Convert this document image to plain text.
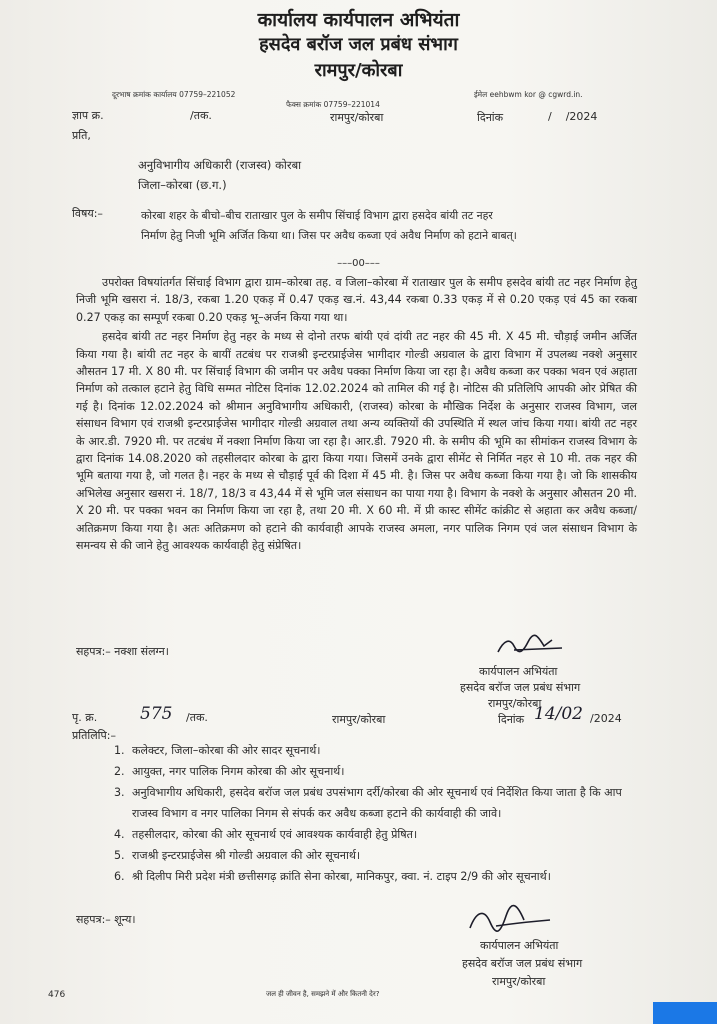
कार्यालय कार्यपालन अभियंता
हसदेव बरॉज जल प्रबंध संभाग
रामपुर/कोरबा
दूरभाष क्रमांक कार्यालय 07759–221052
फैक्स क्रमांक 07759–221014
ईमेल eehbwm kor @ cgwrd.in.
ज्ञाप क्र.	/तक.	रामपुर/कोरबा	दिनांक	/    /2024
प्रति,
अनुविभागीय अधिकारी (राजस्व) कोरबा
जिला–कोरबा (छ.ग.)
विषय:–	कोरबा शहर के बीचो–बीच राताखार पुल के समीप सिंचाई विभाग द्वारा हसदेव बांयी तट नहर
निर्माण हेतु निजी भूमि अर्जित किया था। जिस पर अवैध कब्जा एवं अवैध निर्माण को हटाने बाबत्।
–––00–––

उपरोक्त विषयांतर्गत सिंचाई विभाग द्वारा ग्राम–कोरबा तह. व जिला–कोरबा में राताखार पुल के समीप हसदेव बांयी तट नहर निर्माण हेतु निजी भूमि खसरा नं. 18/3, रकबा 1.20 एकड़ में 0.47 एकड़ ख.नं. 43,44 रकबा 0.33 एकड़ में से 0.20 एकड़ एवं 45 का रकबा 0.27 एकड़ का सम्पूर्ण रकबा 0.20 एकड़ भू–अर्जन किया गया था।

हसदेव बांयी तट नहर निर्माण हेतु नहर के मध्य से दोनो तरफ बांयी एवं दांयी तट नहर की 45 मी. X 45 मी. चौड़ाई जमीन अर्जित किया गया है। बांयी तट नहर के बायीं तटबंध पर राजश्री इन्टरप्राईजेस भागीदार गोल्डी अग्रवाल के द्वारा विभाग में उपलब्ध नक्शे अनुसार औसतन 17 मी. X 80 मी. पर सिंचाई विभाग की जमीन पर अवैध पक्का निर्माण किया जा रहा है। अवैध कब्जा कर पक्का भवन एवं अहाता निर्माण को तत्काल हटाने हेतु विधि सम्मत नोटिस दिनांक 12.02.2024 को तामिल की गई है। नोटिस की प्रतिलिपि आपकी ओर प्रेषित की गई है। दिनांक 12.02.2024 को श्रीमान अनुविभागीय अधिकारी, (राजस्व) कोरबा के मौखिक निर्देश के अनुसार राजस्व विभाग, जल संसाधन विभाग एवं राजश्री इन्टरप्राईजेस भागीदार गोल्डी अग्रवाल तथा अन्य व्यक्तियों की उपस्थिति में स्थल जांच किया गया। बांयी तट नहर के आर.डी. 7920 मी. पर तटबंध में नक्शा निर्माण किया जा रहा है। आर.डी. 7920 मी. के समीप की भूमि का सीमांकन राजस्व विभाग के द्वारा दिनांक 14.08.2020 को तहसीलदार कोरबा के द्वारा किया गया। जिसमें उनके द्वारा सीमेंट से निर्मित नहर से 10 मी. तक नहर की भूमि बताया गया है, जो गलत है। नहर के मध्य से चौड़ाई पूर्व की दिशा में 45 मी. है। जिस पर अवैध कब्जा किया गया है। जो कि शासकीय अभिलेख अनुसार खसरा नं. 18/7, 18/3 व 43,44 में से भूमि जल संसाधन का पाया गया है। विभाग के नक्शे के अनुसार औसतन 20 मी. X 20 मी. पर पक्का भवन का निर्माण किया जा रहा है, तथा 20 मी. X 60 मी. में प्री कास्ट सीमेंट कांक्रीट से अहाता कर अवैध कब्जा/अतिक्रमण किया गया है। अतः अतिक्रमण को हटाने की कार्यवाही आपके राजस्व अमला, नगर पालिक निगम एवं जल संसाधन विभाग के समन्वय से की जाने हेतु आवश्यक कार्यवाही हेतु संप्रेषित।

सहपत्र:– नक्शा संलग्न।
कार्यपालन अभियंता
हसदेव बरॉज जल प्रबंध संभाग
रामपुर/कोरबा
पृ. क्र.	575 /तक.	रामपुर/कोरबा	दिनांक 14/02 /2024
प्रतिलिपि:–
1. कलेक्टर, जिला–कोरबा की ओर सादर सूचनार्थ।
2. आयुक्त, नगर पालिक निगम कोरबा की ओर सूचनार्थ।
3. अनुविभागीय अधिकारी, हसदेव बरॉज जल प्रबंध उपसंभाग दर्री/कोरबा की ओर सूचनार्थ एवं निर्देशित किया जाता है कि आप राजस्व विभाग व नगर पालिका निगम से संपर्क कर अवैध कब्जा हटाने की कार्यवाही की जावे।
4. तहसीलदार, कोरबा की ओर सूचनार्थ एवं आवश्यक कार्यवाही हेतु प्रेषित।
5. राजश्री इन्टरप्राईजेस श्री गोल्डी अग्रवाल की ओर सूचनार्थ।
6. श्री दिलीप मिरी प्रदेश मंत्री छत्तीसगढ़ क्रांति सेना कोरबा, मानिकपुर, क्वा. नं. टाइप 2/9 की ओर सूचनार्थ।
सहपत्र:– शून्य।
कार्यपालन अभियंता
हसदेव बरॉज जल प्रबंध संभाग
रामपुर/कोरबा
476	जल ही जीवन है, समझने में और कितनी देर?
